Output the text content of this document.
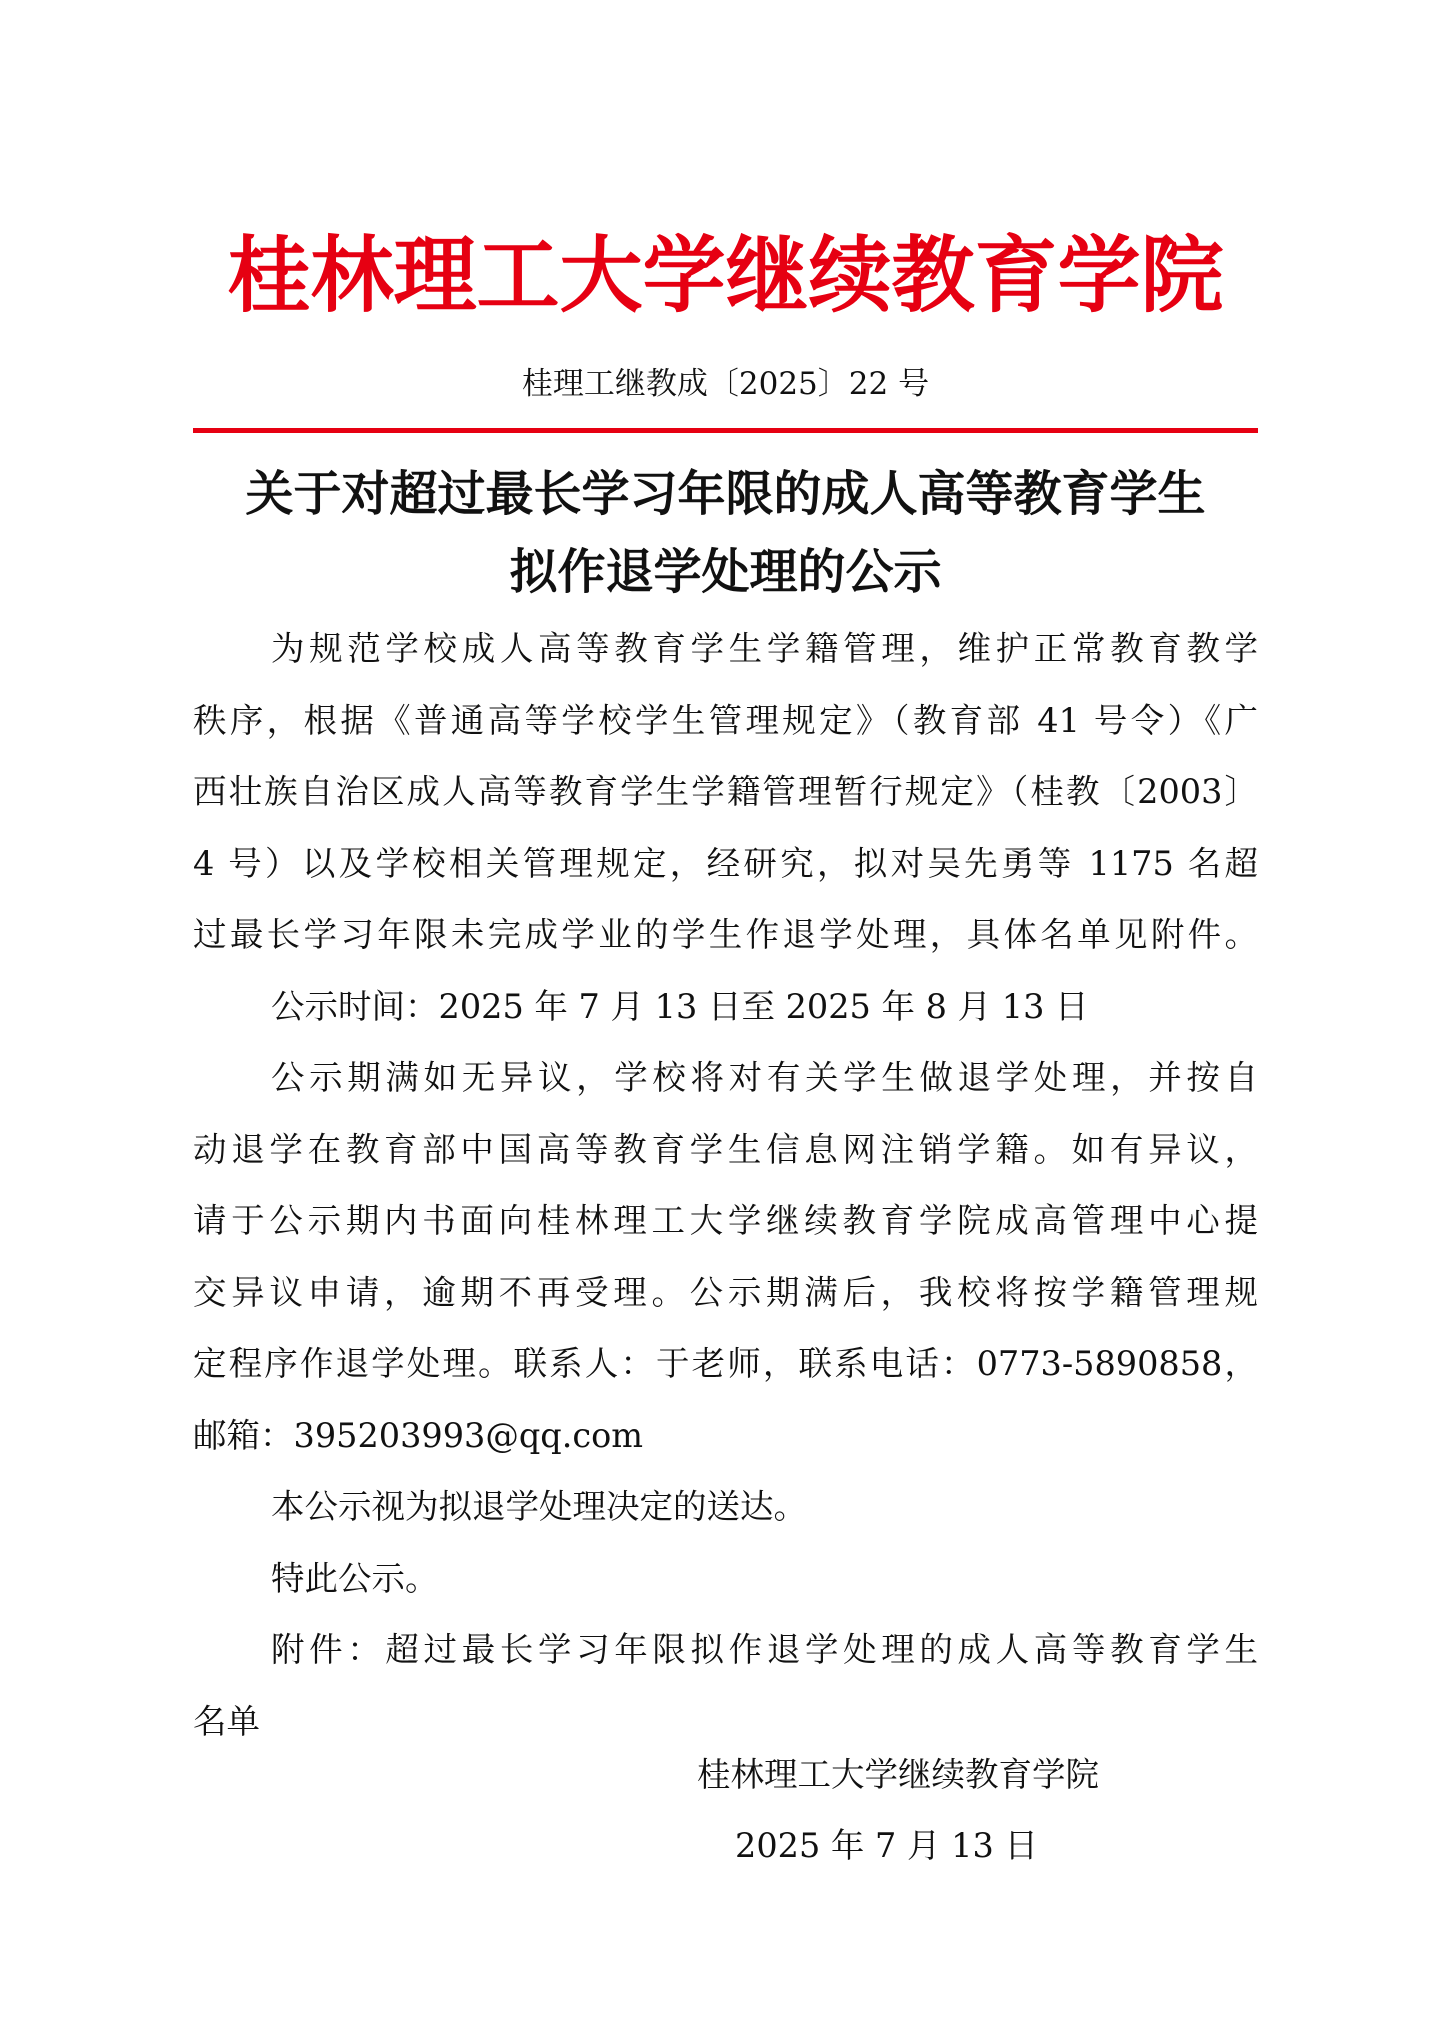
桂林理工大学继续教育学院
桂理工继教成〔2025〕22 号
关于对超过最长学习年限的成人高等教育学生
拟作退学处理的公示
为规范学校成人高等教育学生学籍管理，维护正常教育教学
秩序，根据《普通高等学校学生管理规定》（教育部 41 号令）《广
西壮族自治区成人高等教育学生学籍管理暂行规定》（桂教〔2003〕
4 号）以及学校相关管理规定，经研究，拟对吴先勇等 1175 名超
过最长学习年限未完成学业的学生作退学处理，具体名单见附件。
公示时间：2025 年 7 月 13 日至 2025 年 8 月 13 日
公示期满如无异议，学校将对有关学生做退学处理，并按自
动退学在教育部中国高等教育学生信息网注销学籍。如有异议，
请于公示期内书面向桂林理工大学继续教育学院成高管理中心提
交异议申请，逾期不再受理。公示期满后，我校将按学籍管理规
定程序作退学处理。联系人：于老师，联系电话：0773-5890858，
邮箱：395203993@qq.com
本公示视为拟退学处理决定的送达。
特此公示。
附件：超过最长学习年限拟作退学处理的成人高等教育学生
名单
桂林理工大学继续教育学院
2025 年 7 月 13 日
